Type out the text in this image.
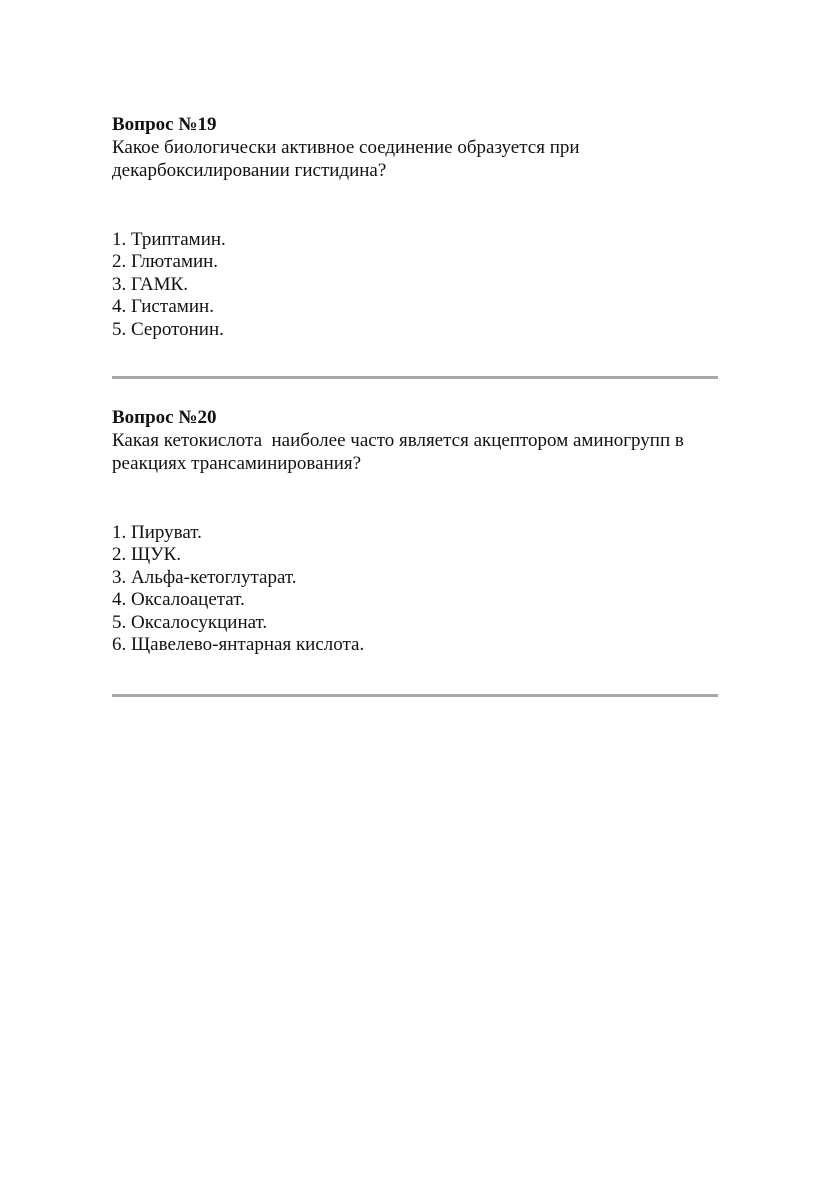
Вопрос №19

Какое биологически активное соединение образуется при декарбоксилировании гистидина?

1. Триптамин.
2. Глютамин.
3. ГАМК.
4. Гистамин.
5. Серотонин.

Вопрос №20

Какая кетокислота  наиболее часто является акцептором аминогрупп в реакциях трансаминирования?

1. Пируват.
2. ЩУК.
3. Альфа-кетоглутарат.
4. Оксалоацетат.
5. Оксалосукцинат.
6. Щавелево-янтарная кислота.
